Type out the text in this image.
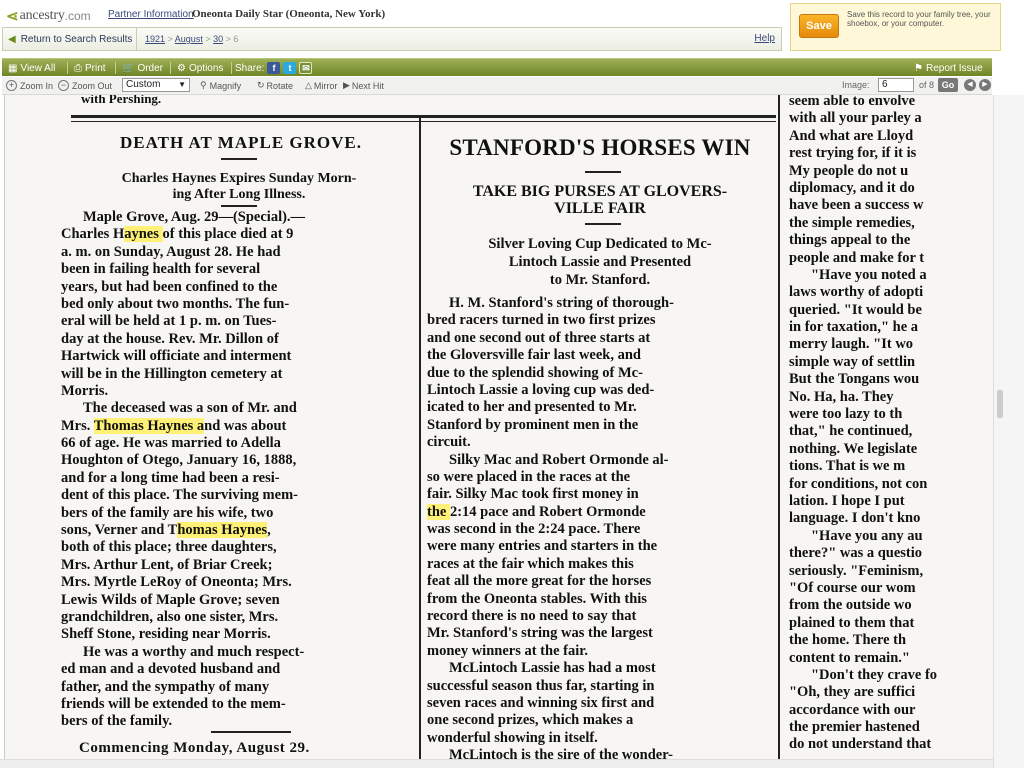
⋖ ancestry .com Partner Information
Oneonta Daily Star (Oneonta, New York)
◀ Return to Search Results 1921 > August > 30 > 6	Help
Save
Save this record to your family tree, your shoebox, or your computer.
▦ View All ⎙ Print 🛒 Order ⚙ Options Share: f	t	✉	⚑ Report Issue
+ Zoom In − Zoom Out	Custom ▼ ⚲ Magnify ↻ Rotate △ Mirror ▶ Next Hit	Image:	6	of 8 Go	◀	▶
with Pershing.
DEATH AT MAPLE GROVE.
Charles Haynes Expires Sunday Morn-
ing After Long Illness.
Maple Grove, Aug. 29—(Special).—
Charles Haynes of this place died at 9
a. m. on Sunday, August 28. He had
been in failing health for several
years, but had been confined to the
bed only about two months. The fun-
eral will be held at 1 p. m. on Tues-
day at the house. Rev. Mr. Dillon of
Hartwick will officiate and interment
will be in the Hillington cemetery at
Morris.
The deceased was a son of Mr. and
Mrs. Thomas Haynes and was about
66 of age. He was married to Adella
Houghton of Otego, January 16, 1888,
and for a long time had been a resi-
dent of this place. The surviving mem-
bers of the family are his wife, two
sons, Verner and Thomas Haynes,
both of this place; three daughters,
Mrs. Arthur Lent, of Briar Creek;
Mrs. Myrtle LeRoy of Oneonta; Mrs.
Lewis Wilds of Maple Grove; seven
grandchildren, also one sister, Mrs.
Sheff Stone, residing near Morris.
He was a worthy and much respect-
ed man and a devoted husband and
father, and the sympathy of many
friends will be extended to the mem-
bers of the family.
Commencing Monday, August 29.
STANFORD'S HORSES WIN
TAKE BIG PURSES AT GLOVERS-
VILLE FAIR
Silver Loving Cup Dedicated to Mc-
Lintoch Lassie and Presented
to Mr. Stanford.
H. M. Stanford's string of thorough-
bred racers turned in two first prizes
and one second out of three starts at
the Gloversville fair last week, and
due to the splendid showing of Mc-
Lintoch Lassie a loving cup was ded-
icated to her and presented to Mr.
Stanford by prominent men in the
circuit.
Silky Mac and Robert Ormonde al-
so were placed in the races at the
fair. Silky Mac took first money in
the 2:14 pace and Robert Ormonde
was second in the 2:24 pace. There
were many entries and starters in the
races at the fair which makes this
feat all the more great for the horses
from the Oneonta stables. With this
record there is no need to say that
Mr. Stanford's string was the largest
money winners at the fair.
McLintoch Lassie has had a most
successful season thus far, starting in
seven races and winning six first and
one second prizes, which makes a
wonderful showing in itself.
McLintoch is the sire of the wonder-
seem able to envolve
with all your parley a
And what are Lloyd
rest trying for, if it is
My people do not u
diplomacy, and it do
have been a success w
the simple remedies,
things appeal to the
people and make for t
"Have you noted a
laws worthy of adopti
queried. "It would be
in for taxation," he a
merry laugh. "It wo
simple way of settlin
But the Tongans wou
No. Ha, ha. They
were too lazy to th
that," he continued,
nothing. We legislate
tions. That is we m
for conditions, not con
lation. I hope I put
language. I don't kno
"Have you any au
there?" was a questio
seriously. "Feminism,
"Of course our wom
from the outside wo
plained to them that
the home. There th
content to remain."
"Don't they crave fo
"Oh, they are suffici
accordance with our
the premier hastened
do not understand that
